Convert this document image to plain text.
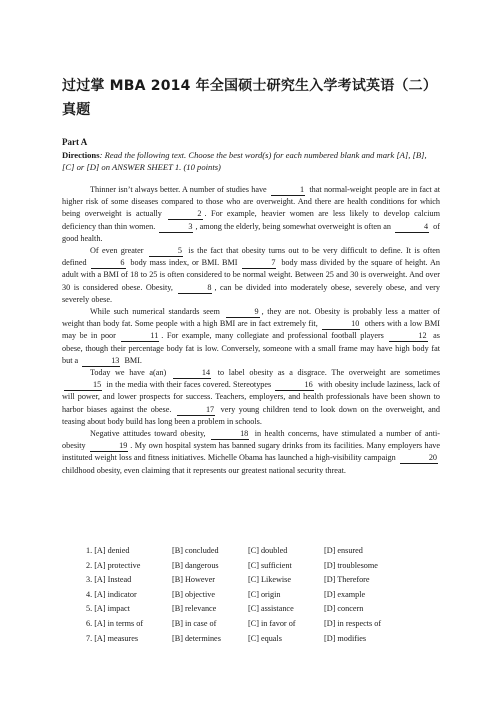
过过掌 MBA 2014 年全国硕士研究生入学考试英语（二）真题
Part A
Directions: Read the following text. Choose the best word(s) for each numbered blank and mark [A], [B], [C] or [D] on ANSWER SHEET 1. (10 points)

Thinner isn’t always better. A number of studies have	1 that normal-weight people are in fact at higher risk of some diseases compared to those who are overweight. And there are health conditions for which being overweight is actually	2 . For example, heavier women are less likely to develop calcium deficiency than thin women.	3 , among the elderly, being somewhat overweight is often an	4 of good health.

Of even greater	5 is the fact that obesity turns out to be very difficult to define. It is often defined	6 body mass index, or BMI. BMI	7 body mass divided by the square of height. An adult with a BMI of 18 to 25 is often considered to be normal weight. Between 25 and 30 is overweight. And over 30 is considered obese. Obesity,	8 , can be divided into moderately obese, severely obese, and very severely obese.

While such numerical standards seem	9 , they are not. Obesity is probably less a matter of weight than body fat. Some people with a high BMI are in fact extremely fit,	10 others with a low BMI may be in poor	11 . For example, many collegiate and professional football players	12 as obese, though their percentage body fat is low. Conversely, someone with a small frame may have high body fat but a	13 BMI.

Today we have a(an)	14 to label obesity as a disgrace. The overweight are sometimes 15 in the media with their faces covered. Stereotypes	16 with obesity include laziness, lack of will power, and lower prospects for success. Teachers, employers, and health professionals have been shown to harbor biases against the obese.	17 very young children tend to look down on the overweight, and teasing about body build has long been a problem in schools.

Negative attitudes toward obesity,	18 in health concerns, have stimulated a number of anti-obesity	19 . My own hospital system has banned sugary drinks from its facilities. Many employers have instituted weight loss and fitness initiatives. Michelle Obama has launched a high-visibility campaign	20 childhood obesity, even claiming that it represents our greatest national security threat.

1. [A] denied	[B] concluded	[C] doubled	[D] ensured
2. [A] protective	[B] dangerous	[C] sufficient	[D] troublesome
3. [A] Instead	[B] However	[C] Likewise	[D] Therefore
4. [A] indicator	[B] objective	[C] origin	[D] example
5. [A] impact	[B] relevance	[C] assistance	[D] concern
6. [A] in terms of	[B] in case of	[C] in favor of	[D] in respects of
7. [A] measures	[B] determines	[C] equals	[D] modifies
